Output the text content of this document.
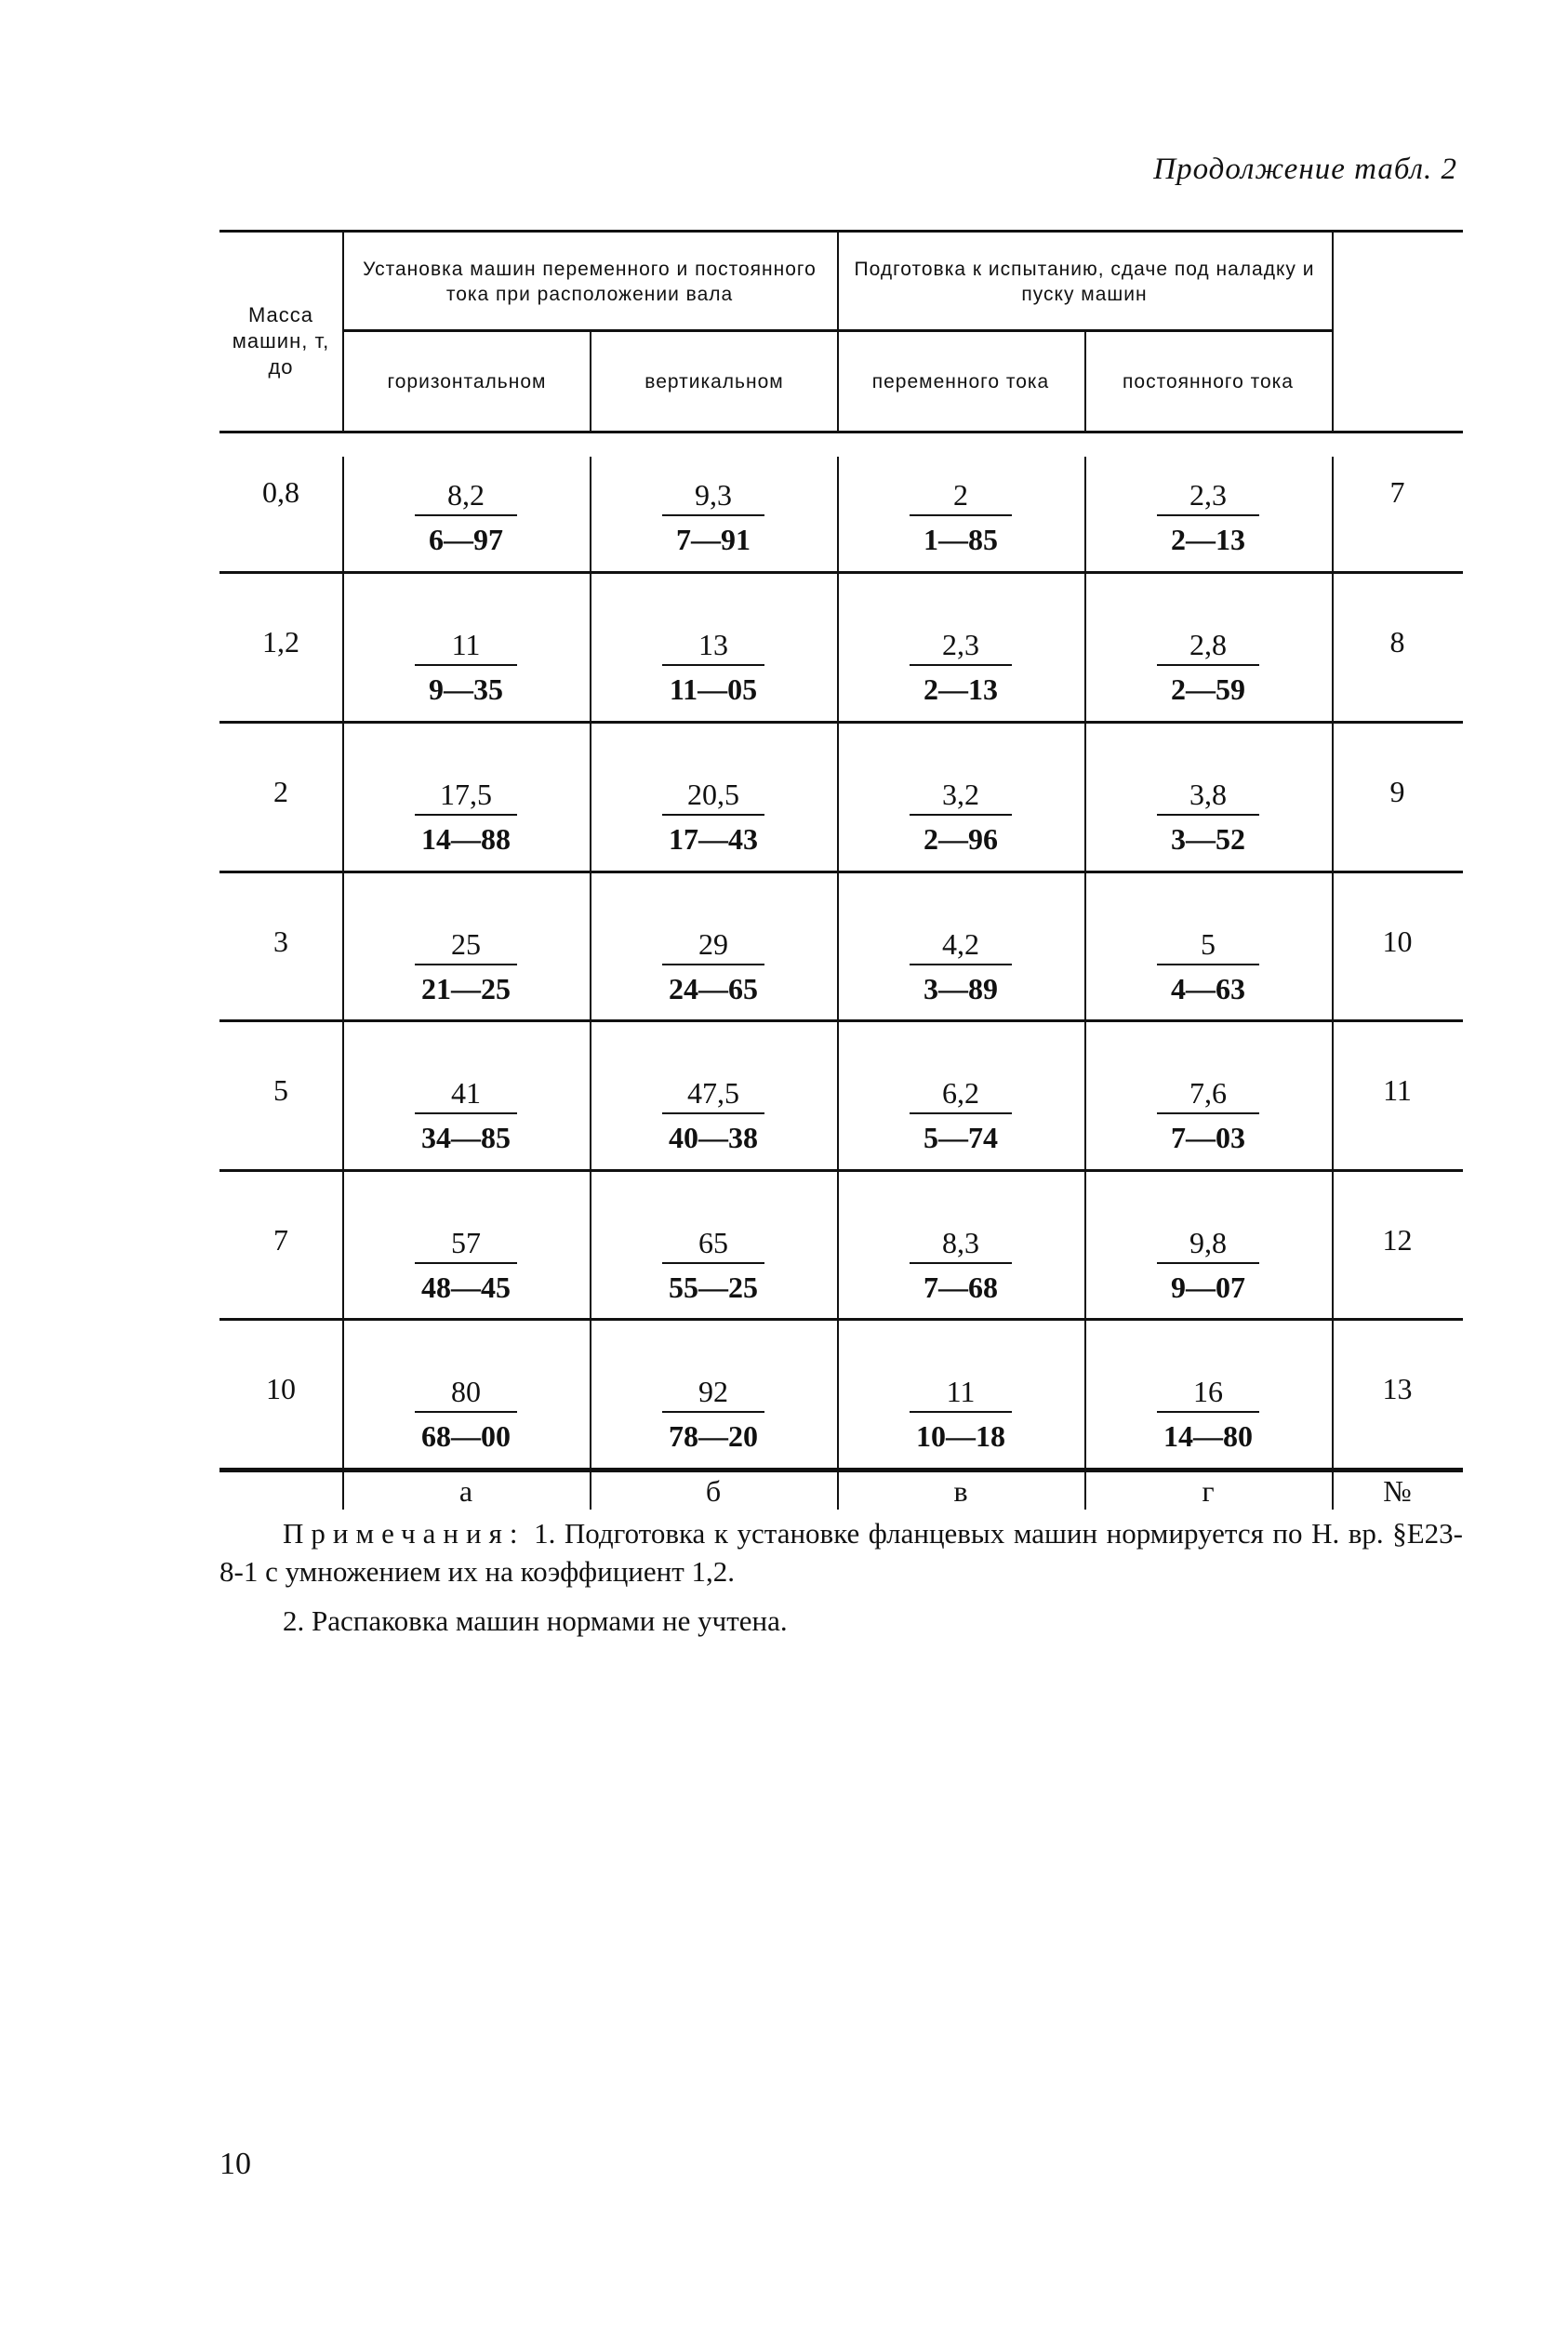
Продолжение табл. 2
Масса машин, т, до
Установка машин переменного и постоянного тока при расположении вала
Подготовка к испытанию, сдаче под наладку и пуску машин
горизонтальном	вертикальном	переменного тока	постоянного тока
0,8	$\frac{8,2}{6—97}$	$\frac{9,3}{7—91}$	$\frac{2}{1—85}$	$\frac{2,3}{2—13}$	7
1,2	$\frac{11}{9—35}$	$\frac{13}{11—05}$	$\frac{2,3}{2—13}$	$\frac{2,8}{2—59}$	8
2	$\frac{17,5}{14—88}$	$\frac{20,5}{17—43}$	$\frac{3,2}{2—96}$	$\frac{3,8}{3—52}$	9
3	$\frac{25}{21—25}$	$\frac{29}{24—65}$	$\frac{4,2}{3—89}$	$\frac{5}{4—63}$	10
5	$\frac{41}{34—85}$	$\frac{47,5}{40—38}$	$\frac{6,2}{5—74}$	$\frac{7,6}{7—03}$	11
7	$\frac{57}{48—45}$	$\frac{65}{55—25}$	$\frac{8,3}{7—68}$	$\frac{9,8}{9—07}$	12
10	$\frac{80}{68—00}$	$\frac{92}{78—20}$	$\frac{11}{10—18}$	$\frac{16}{14—80}$	13
а	б	в	г	№
Примечания: 1. Подготовка к установке фланцевых машин нормируется по Н. вр. §Е23-8-1 с умножением их на коэффициент 1,2.
2. Распаковка машин нормами не учтена.
10
